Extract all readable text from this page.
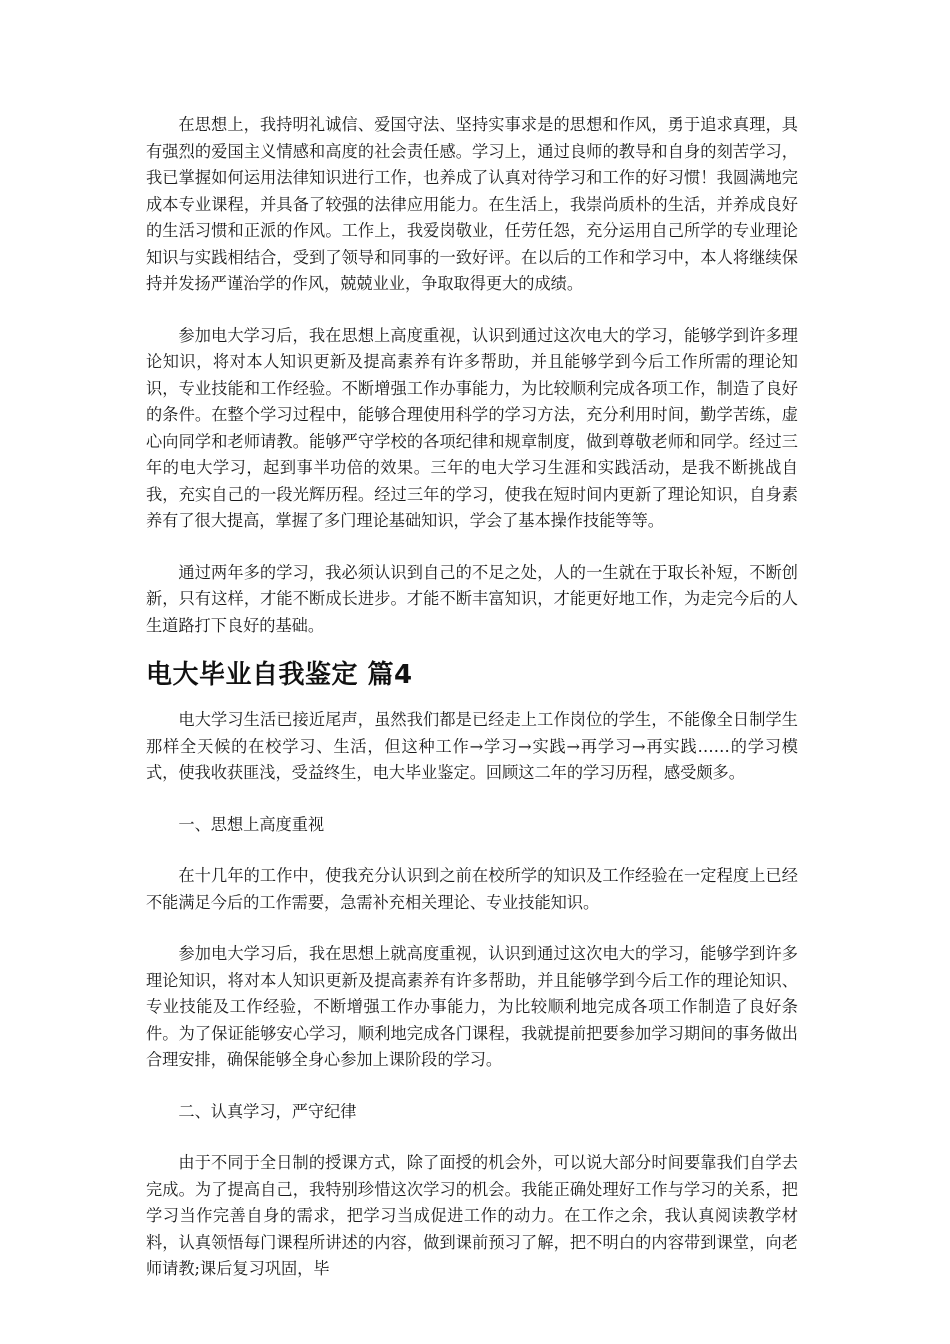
在思想上，我持明礼诚信、爱国守法、坚持实事求是的思想和作风，勇于追求真理，具有强烈的爱国主义情感和高度的社会责任感。学习上，通过良师的教导和自身的刻苦学习，我已掌握如何运用法律知识进行工作，也养成了认真对待学习和工作的好习惯！我圆满地完成本专业课程，并具备了较强的法律应用能力。在生活上，我崇尚质朴的生活，并养成良好的生活习惯和正派的作风。工作上，我爱岗敬业，任劳任怨，充分运用自己所学的专业理论知识与实践相结合，受到了领导和同事的一致好评。在以后的工作和学习中，本人将继续保持并发扬严谨治学的作风，兢兢业业，争取取得更大的成绩。

参加电大学习后，我在思想上高度重视，认识到通过这次电大的学习，能够学到许多理论知识，将对本人知识更新及提高素养有许多帮助，并且能够学到今后工作所需的理论知识，专业技能和工作经验。不断增强工作办事能力，为比较顺利完成各项工作，制造了良好的条件。在整个学习过程中，能够合理使用科学的学习方法，充分利用时间，勤学苦练，虚心向同学和老师请教。能够严守学校的各项纪律和规章制度，做到尊敬老师和同学。经过三年的电大学习，起到事半功倍的效果。三年的电大学习生涯和实践活动，是我不断挑战自我，充实自己的一段光辉历程。经过三年的学习，使我在短时间内更新了理论知识，自身素养有了很大提高，掌握了多门理论基础知识，学会了基本操作技能等等。

通过两年多的学习，我必须认识到自己的不足之处，人的一生就在于取长补短，不断创新，只有这样，才能不断成长进步。才能不断丰富知识，才能更好地工作，为走完今后的人生道路打下良好的基础。

电大毕业自我鉴定 篇4

电大学习生活已接近尾声，虽然我们都是已经走上工作岗位的学生，不能像全日制学生那样全天候的在校学习、生活，但这种工作→学习→实践→再学习→再实践……的学习模式，使我收获匪浅，受益终生，电大毕业鉴定。回顾这二年的学习历程，感受颇多。

一、思想上高度重视

在十几年的工作中，使我充分认识到之前在校所学的知识及工作经验在一定程度上已经不能满足今后的工作需要，急需补充相关理论、专业技能知识。

参加电大学习后，我在思想上就高度重视，认识到通过这次电大的学习，能够学到许多理论知识，将对本人知识更新及提高素养有许多帮助，并且能够学到今后工作的理论知识、专业技能及工作经验，不断增强工作办事能力，为比较顺利地完成各项工作制造了良好条件。为了保证能够安心学习，顺利地完成各门课程，我就提前把要参加学习期间的事务做出合理安排，确保能够全身心参加上课阶段的学习。

二、认真学习，严守纪律

由于不同于全日制的授课方式，除了面授的机会外，可以说大部分时间要靠我们自学去完成。为了提高自己，我特别珍惜这次学习的机会。我能正确处理好工作与学习的关系，把学习当作完善自身的需求，把学习当成促进工作的动力。在工作之余，我认真阅读教学材料，认真领悟每门课程所讲述的内容，做到课前预习了解，把不明白的内容带到课堂，向老师请教;课后复习巩固，毕
